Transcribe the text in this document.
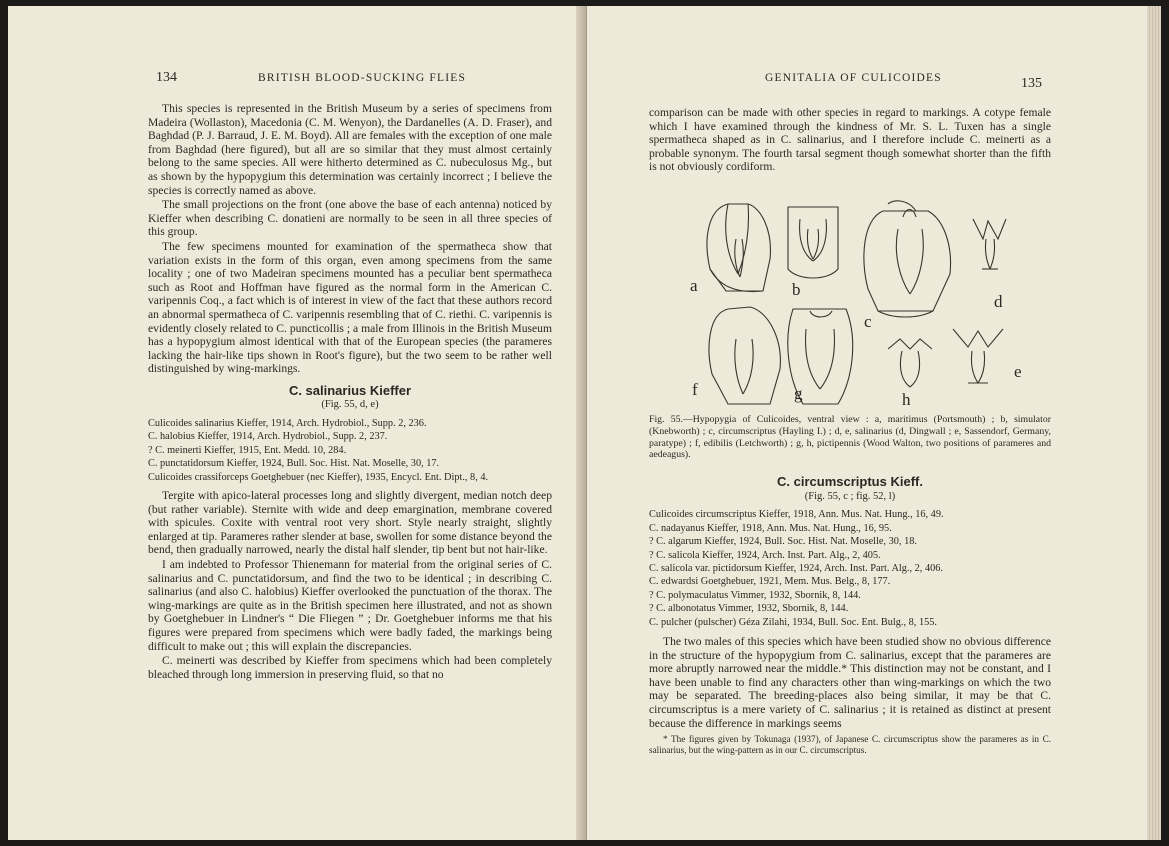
134	BRITISH BLOOD-SUCKING FLIES

This species is represented in the British Museum by a series of specimens from Madeira (Wollaston), Macedonia (C. M. Wenyon), the Dardanelles (A. D. Fraser), and Baghdad (P. J. Barraud, J. E. M. Boyd). All are females with the exception of one male from Baghdad (here figured), but all are so similar that they must almost certainly belong to the same species. All were hitherto determined as C. nubeculosus Mg., but as shown by the hypopygium this determination was certainly incorrect ; I believe the species is correctly named as above.

The small projections on the front (one above the base of each antenna) noticed by Kieffer when describing C. donatieni are normally to be seen in all three species of this group.

The few specimens mounted for examination of the spermatheca show that variation exists in the form of this organ, even among specimens from the same locality ; one of two Madeiran specimens mounted has a peculiar bent spermatheca such as Root and Hoffman have figured as the normal form in the American C. varipennis Coq., a fact which is of interest in view of the fact that these authors record an abnormal spermatheca of C. varipennis resembling that of C. riethi. C. varipennis is evidently closely related to C. puncticollis ; a male from Illinois in the British Museum has a hypopygium almost identical with that of the European species (the parameres lacking the hair-like tips shown in Root's figure), but the two seem to be rather well distinguished by wing-markings.

C. salinarius Kieffer
(Fig. 55, d, e)

Culicoides salinarius Kieffer, 1914, Arch. Hydrobiol., Supp. 2, 236.

C. halobius Kieffer, 1914, Arch. Hydrobiol., Supp. 2, 237.

? C. meinerti Kieffer, 1915, Ent. Medd. 10, 284.

C. punctatidorsum Kieffer, 1924, Bull. Soc. Hist. Nat. Moselle, 30, 17.

Culicoides crassiforceps Goetghebuer (nec Kieffer), 1935, Encycl. Ent. Dipt., 8, 4.

Tergite with apico-lateral processes long and slightly divergent, median notch deep (but rather variable). Sternite with wide and deep emargination, membrane covered with spicules. Coxite with ventral root very short. Style nearly straight, slightly enlarged at tip. Parameres rather slender at base, swollen for some distance beyond the bend, then gradually narrowed, nearly the distal half slender, tip bent but not hair-like.

I am indebted to Professor Thienemann for material from the original series of C. salinarius and C. punctatidorsum, and find the two to be identical ; in describing C. salinarius (and also C. halobius) Kieffer overlooked the punctuation of the thorax. The wing-markings are quite as in the British specimen here illustrated, and not as shown by Goetghebuer in Lindner's “ Die Fliegen ” ; Dr. Goetghebuer informs me that his figures were prepared from specimens which were badly faded, the markings being difficult to make out ; this will explain the discrepancies.

C. meinerti was described by Kieffer from specimens which had been completely bleached through long immersion in preserving fluid, so that no

GENITALIA OF CULICOIDES	135

comparison can be made with other species in regard to markings. A cotype female which I have examined through the kindness of Mr. S. L. Tuxen has a single spermatheca shaped as in C. salinarius, and I therefore include C. meinerti as a probable synonym. The fourth tarsal segment though somewhat shorter than the fifth is not obviously cordiform.

Fig. 55.—Hypopygia of Culicoides, ventral view : a, maritimus (Portsmouth) ; b, simulator (Knebworth) ; c, circumscriptus (Hayling I.) ; d, e, salinarius (d, Dingwall ; e, Sassendorf, Germany, paratype) ; f, edibilis (Letchworth) ; g, h, pictipennis (Wood Walton, two positions of parameres and aedeagus).

C. circumscriptus Kieff.
(Fig. 55, c ; fig. 52, l)

Culicoides circumscriptus Kieffer, 1918, Ann. Mus. Nat. Hung., 16, 49.

C. nadayanus Kieffer, 1918, Ann. Mus. Nat. Hung., 16, 95.

? C. algarum Kieffer, 1924, Bull. Soc. Hist. Nat. Moselle, 30, 18.

? C. salicola Kieffer, 1924, Arch. Inst. Part. Alg., 2, 405.

C. salicola var. pictidorsum Kieffer, 1924, Arch. Inst. Part. Alg., 2, 406.

C. edwardsi Goetghebuer, 1921, Mem. Mus. Belg., 8, 177.

? C. polymaculatus Vimmer, 1932, Sbornik, 8, 144.

? C. albonotatus Vimmer, 1932, Sbornik, 8, 144.

C. pulcher (pulscher) Géza Zilahi, 1934, Bull. Soc. Ent. Bulg., 8, 155.

The two males of this species which have been studied show no obvious difference in the structure of the hypopygium from C. salinarius, except that the parameres are more abruptly narrowed near the middle.* This distinction may not be constant, and I have been unable to find any characters other than wing-markings on which the two may be separated. The breeding-places also being similar, it may be that C. circumscriptus is a mere variety of C. salinarius ; it is retained as distinct at present because the difference in markings seems

* The figures given by Tokunaga (1937), of Japanese C. circumscriptus show the parameres as in C. salinarius, but the wing-pattern as in our C. circumscriptus.

a	b
c
d
e
f	g	h
